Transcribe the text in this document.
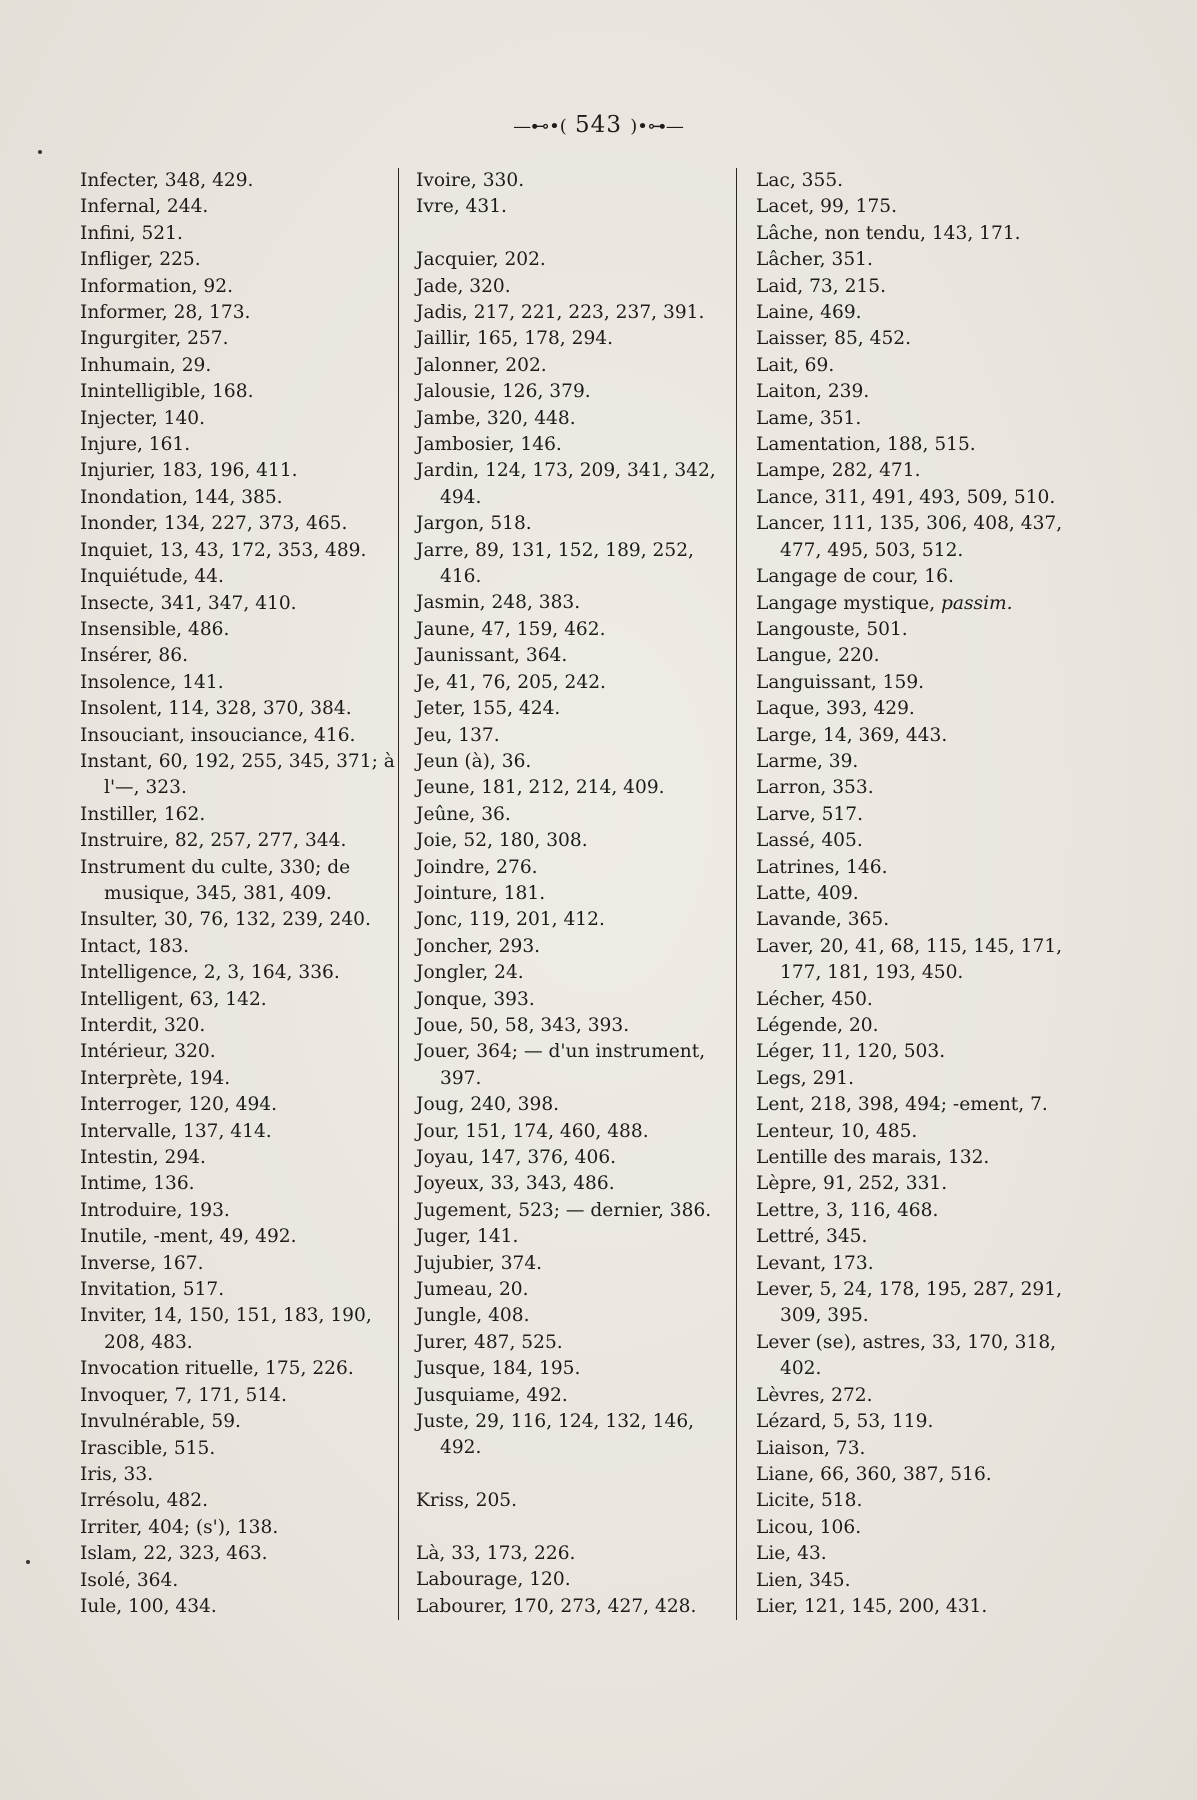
—⊷•( 543 )•⊶—
Infecter, 348, 429.
Infernal, 244.
Infini, 521.
Infliger, 225.
Information, 92.
Informer, 28, 173.
Ingurgiter, 257.
Inhumain, 29.
Inintelligible, 168.
Injecter, 140.
Injure, 161.
Injurier, 183, 196, 411.
Inondation, 144, 385.
Inonder, 134, 227, 373, 465.
Inquiet, 13, 43, 172, 353, 489.
Inquiétude, 44.
Insecte, 341, 347, 410.
Insensible, 486.
Insérer, 86.
Insolence, 141.
Insolent, 114, 328, 370, 384.
Insouciant, insouciance, 416.
Instant, 60, 192, 255, 345, 371; à l'—, 323.
Instiller, 162.
Instruire, 82, 257, 277, 344.
Instrument du culte, 330; de musique, 345, 381, 409.
Insulter, 30, 76, 132, 239, 240.
Intact, 183.
Intelligence, 2, 3, 164, 336.
Intelligent, 63, 142.
Interdit, 320.
Intérieur, 320.
Interprète, 194.
Interroger, 120, 494.
Intervalle, 137, 414.
Intestin, 294.
Intime, 136.
Introduire, 193.
Inutile, -ment, 49, 492.
Inverse, 167.
Invitation, 517.
Inviter, 14, 150, 151, 183, 190, 208, 483.
Invocation rituelle, 175, 226.
Invoquer, 7, 171, 514.
Invulnérable, 59.
Irascible, 515.
Iris, 33.
Irrésolu, 482.
Irriter, 404; (s'), 138.
Islam, 22, 323, 463.
Isolé, 364.
Iule, 100, 434.
Ivoire, 330.
Ivre, 431.
Jacquier, 202.
Jade, 320.
Jadis, 217, 221, 223, 237, 391.
Jaillir, 165, 178, 294.
Jalonner, 202.
Jalousie, 126, 379.
Jambe, 320, 448.
Jambosier, 146.
Jardin, 124, 173, 209, 341, 342, 494.
Jargon, 518.
Jarre, 89, 131, 152, 189, 252, 416.
Jasmin, 248, 383.
Jaune, 47, 159, 462.
Jaunissant, 364.
Je, 41, 76, 205, 242.
Jeter, 155, 424.
Jeu, 137.
Jeun (à), 36.
Jeune, 181, 212, 214, 409.
Jeûne, 36.
Joie, 52, 180, 308.
Joindre, 276.
Jointure, 181.
Jonc, 119, 201, 412.
Joncher, 293.
Jongler, 24.
Jonque, 393.
Joue, 50, 58, 343, 393.
Jouer, 364; — d'un instrument, 397.
Joug, 240, 398.
Jour, 151, 174, 460, 488.
Joyau, 147, 376, 406.
Joyeux, 33, 343, 486.
Jugement, 523; — dernier, 386.
Juger, 141.
Jujubier, 374.
Jumeau, 20.
Jungle, 408.
Jurer, 487, 525.
Jusque, 184, 195.
Jusquiame, 492.
Juste, 29, 116, 124, 132, 146, 492.
Kriss, 205.
Là, 33, 173, 226.
Labourage, 120.
Labourer, 170, 273, 427, 428.
Lac, 355.
Lacet, 99, 175.
Lâche, non tendu, 143, 171.
Lâcher, 351.
Laid, 73, 215.
Laine, 469.
Laisser, 85, 452.
Lait, 69.
Laiton, 239.
Lame, 351.
Lamentation, 188, 515.
Lampe, 282, 471.
Lance, 311, 491, 493, 509, 510.
Lancer, 111, 135, 306, 408, 437, 477, 495, 503, 512.
Langage de cour, 16.
Langage mystique, passim.
Langouste, 501.
Langue, 220.
Languissant, 159.
Laque, 393, 429.
Large, 14, 369, 443.
Larme, 39.
Larron, 353.
Larve, 517.
Lassé, 405.
Latrines, 146.
Latte, 409.
Lavande, 365.
Laver, 20, 41, 68, 115, 145, 171, 177, 181, 193, 450.
Lécher, 450.
Légende, 20.
Léger, 11, 120, 503.
Legs, 291.
Lent, 218, 398, 494; -ement, 7.
Lenteur, 10, 485.
Lentille des marais, 132.
Lèpre, 91, 252, 331.
Lettre, 3, 116, 468.
Lettré, 345.
Levant, 173.
Lever, 5, 24, 178, 195, 287, 291, 309, 395.
Lever (se), astres, 33, 170, 318, 402.
Lèvres, 272.
Lézard, 5, 53, 119.
Liaison, 73.
Liane, 66, 360, 387, 516.
Licite, 518.
Licou, 106.
Lie, 43.
Lien, 345.
Lier, 121, 145, 200, 431.
